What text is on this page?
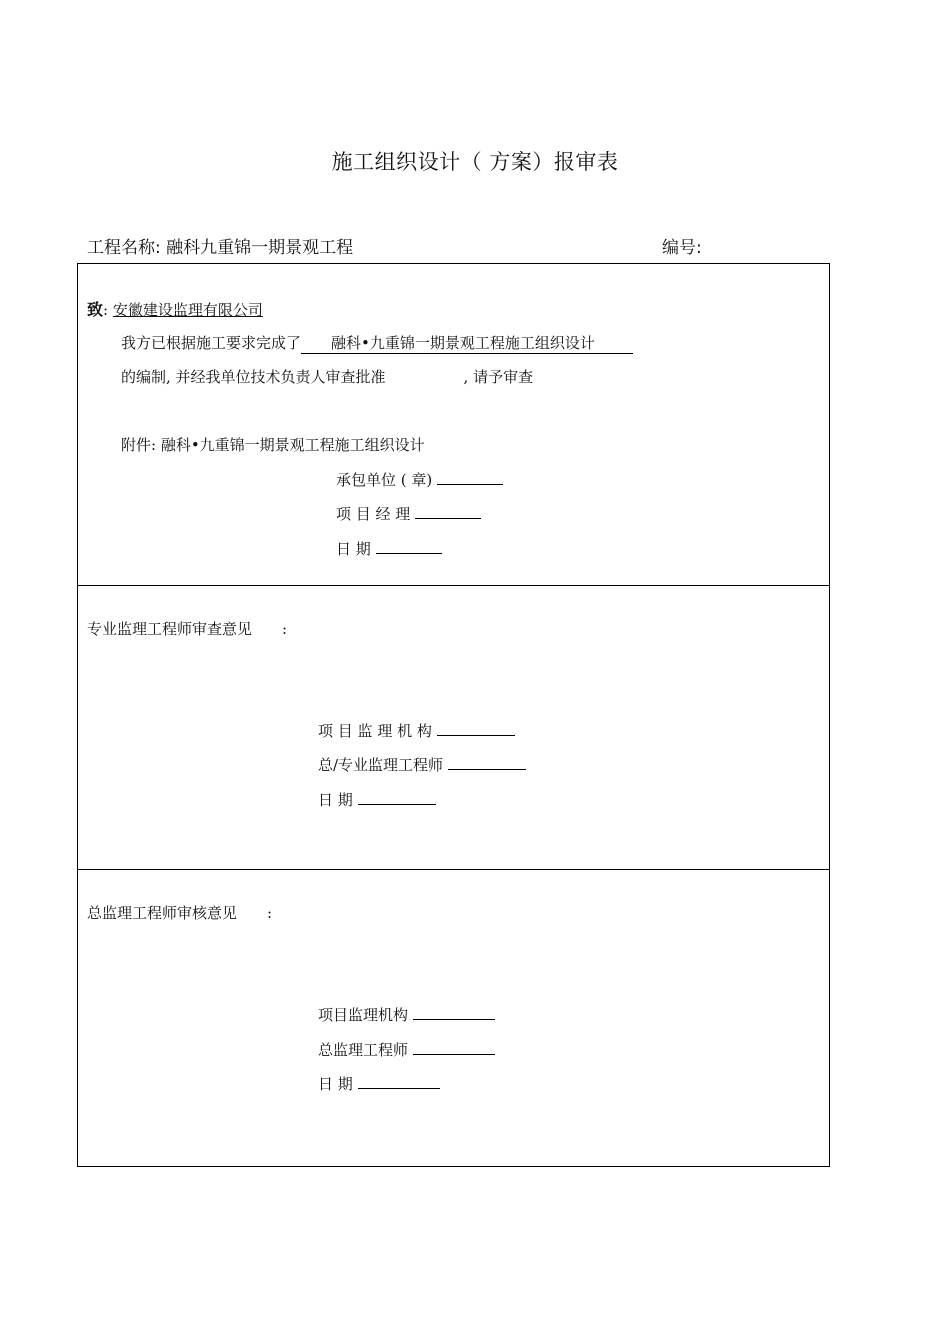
施工组织设计（ 方案）报审表
工程名称: 融科九重锦一期景观工程	编号:
致: 安徽建设监理有限公司
我方已根据施工要求完成了 融科•九重锦一期景观工程施工组织设计
的编制, 并经我单位技术负责人审查批准	, 请予审查
附件: 融科•九重锦一期景观工程施工组织设计
承包单位 ( 章)
项 目 经 理
日 期
专业监理工程师审查意见 :
项 目 监 理 机 构
总/专业监理工程师
日 期
总监理工程师审核意见 :
项目监理机构
总监理工程师
日 期
